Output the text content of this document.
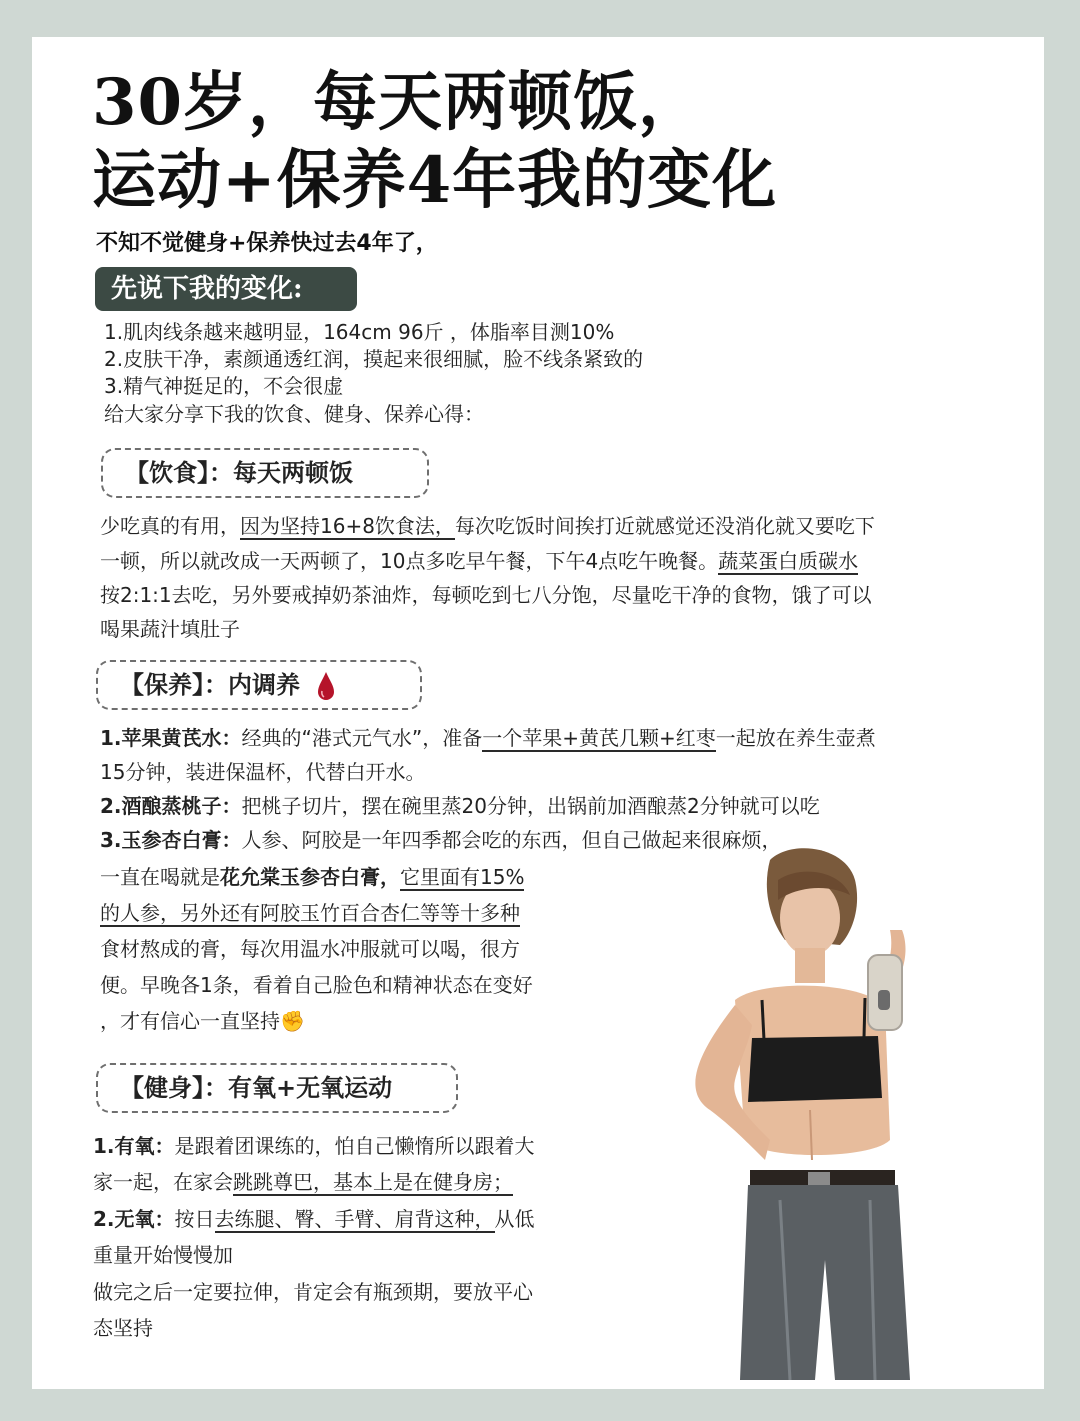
30岁，每天两顿饭，
运动+保养4年我的变化
不知不觉健身+保养快过去4年了，
先说下我的变化:
1.肌肉线条越来越明显，164cm 96斤 ，体脂率目测10%
2.皮肤干净，素颜通透红润，摸起来很细腻，脸不线条紧致的
3.精气神挺足的，不会很虚
给大家分享下我的饮食、健身、保养心得：
【饮食】：每天两顿饭
少吃真的有用，因为坚持16+8饮食法，每次吃饭时间挨打近就感觉还没消化就又要吃下
一顿，所以就改成一天两顿了，10点多吃早午餐，下午4点吃午晚餐。蔬菜蛋白质碳水
按2:1:1去吃，另外要戒掉奶茶油炸，每顿吃到七八分饱，尽量吃干净的食物，饿了可以
喝果蔬汁填肚子
【保养】：内调养
1.苹果黄芪水：经典的“港式元气水”，准备一个苹果+黄芪几颗+红枣一起放在养生壶煮
15分钟，装进保温杯，代替白开水。
2.酒酿蒸桃子：把桃子切片，摆在碗里蒸20分钟，出锅前加酒酿蒸2分钟就可以吃
3.玉参杏白膏：人参、阿胶是一年四季都会吃的东西，但自己做起来很麻烦，
一直在喝就是花允棠玉参杏白膏，它里面有15%
的人参，另外还有阿胶玉竹百合杏仁等等十多种
食材熬成的膏，每次用温水冲服就可以喝，很方
便。早晚各1条，看着自己脸色和精神状态在变好
，才有信心一直坚持✊
【健身】：有氧+无氧运动
1.有氧：是跟着团课练的，怕自己懒惰所以跟着大
家一起，在家会跳跳尊巴，基本上是在健身房；
2.无氧：按日去练腿、臀、手臂、肩背这种，从低
重量开始慢慢加
做完之后一定要拉伸，肯定会有瓶颈期，要放平心
态坚持
